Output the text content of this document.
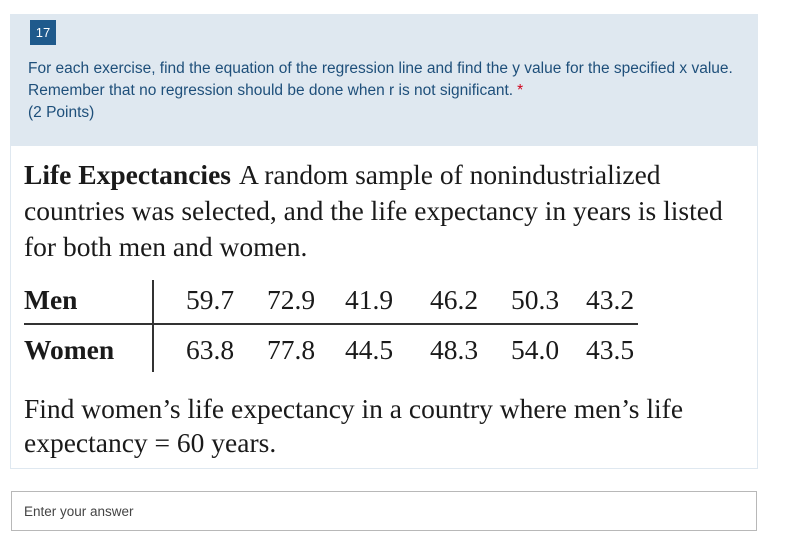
17
For each exercise, find the equation of the regression line and find the y value for the specified x value. Remember that no regression should be done when r is not significant. *
(2 Points)
Life Expectancies A random sample of nonindustrialized countries was selected, and the life expectancy in years is listed for both men and women.
Men	59.7	72.9	41.9	46.2	50.3 43.2
Women	63.8	77.8	44.5	48.3	54.0 43.5
Find women’s life expectancy in a country where men’s life expectancy = 60 years.
Enter your answer
